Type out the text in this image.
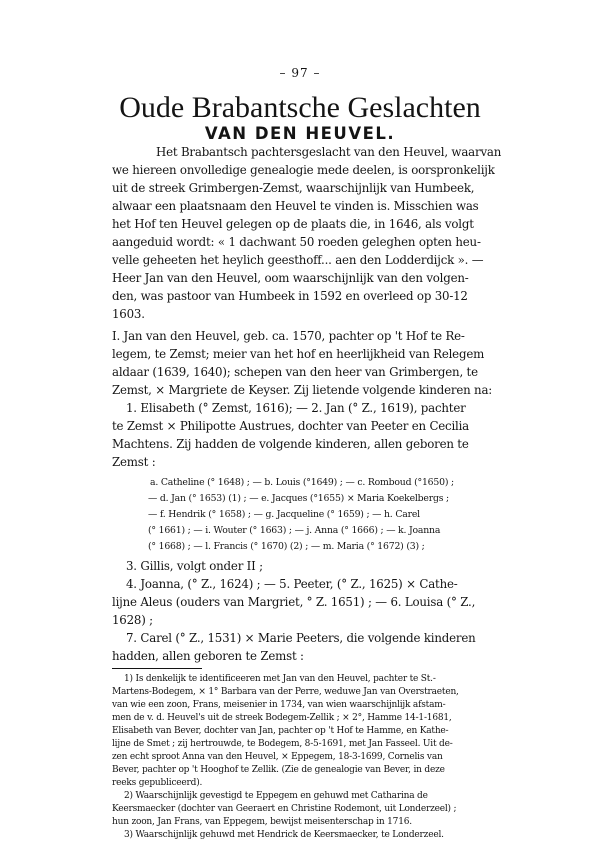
– 97 –
Oude Brabantsche Geslachten
VAN DEN HEUVEL.
Het Brabantsch pachtersgeslacht van den Heuvel, waarvan
we hiereen onvolledige genealogie mede deelen, is oorspronkelijk
uit de streek Grimbergen-Zemst, waarschijnlijk van Humbeek,
alwaar een plaatsnaam den Heuvel te vinden is. Misschien was
het Hof ten Heuvel gelegen op de plaats die, in 1646, als volgt
aangeduid wordt: « 1 dachwant 50 roeden geleghen opten heu-
velle geheeten het heylich geesthoff... aen den Lodderdijck ». —
Heer Jan van den Heuvel, oom waarschijnlijk van den volgen-
den, was pastoor van Humbeek in 1592 en overleed op 30-12
1603.
I. Jan van den Heuvel, geb. ca. 1570, pachter op 't Hof te Re-
legem, te Zemst; meier van het hof en heerlijkheid van Relegem
aldaar (1639, 1640); schepen van den heer van Grimbergen, te
Zemst, × Margriete de Keyser. Zij lietende volgende kinderen na:
1. Elisabeth (° Zemst, 1616); — 2. Jan (° Z., 1619), pachter
te Zemst × Philipotte Austrues, dochter van Peeter en Cecilia
Machtens. Zij hadden de volgende kinderen, allen geboren te
Zemst :
a. Catheline (° 1648) ; — b. Louis (°1649) ; — c. Romboud (°1650) ;
— d. Jan (° 1653) (1) ; — e. Jacques (°1655) × Maria Koekelbergs ;
— f. Hendrik (° 1658) ; — g. Jacqueline (° 1659) ; — h. Carel
(° 1661) ; — i. Wouter (° 1663) ; — j. Anna (° 1666) ; — k. Joanna
(° 1668) ; — l. Francis (° 1670) (2) ; — m. Maria (° 1672) (3) ;
3. Gillis, volgt onder II ;
4. Joanna, (° Z., 1624) ; — 5. Peeter, (° Z., 1625) × Cathe-
lijne Aleus (ouders van Margriet, ° Z. 1651) ; — 6. Louisa (° Z.,
1628) ;
7. Carel (° Z., 1531) × Marie Peeters, die volgende kinderen
hadden, allen geboren te Zemst :
1) Is denkelijk te identificeeren met Jan van den Heuvel, pachter te St.-
Martens-Bodegem, × 1° Barbara van der Perre, weduwe Jan van Overstraeten,
van wie een zoon, Frans, meisenier in 1734, van wien waarschijnlijk afstam-
men de v. d. Heuvel's uit de streek Bodegem-Zellik ; × 2°, Hamme 14-1-1681,
Elisabeth van Bever, dochter van Jan, pachter op 't Hof te Hamme, en Kathe-
lijne de Smet ; zij hertrouwde, te Bodegem, 8-5-1691, met Jan Fasseel. Uit de-
zen echt sproot Anna van den Heuvel, × Eppegem, 18-3-1699, Cornelis van
Bever, pachter op 't Hooghof te Zellik. (Zie de genealogie van Bever, in deze
reeks gepubliceerd).
2) Waarschijnlijk gevestigd te Eppegem en gehuwd met Catharina de
Keersmaecker (dochter van Geeraert en Christine Rodemont, uit Londerzeel) ;
hun zoon, Jan Frans, van Eppegem, bewijst meisenterschap in 1716.
3) Waarschijnlijk gehuwd met Hendrick de Keersmaecker, te Londerzeel.
